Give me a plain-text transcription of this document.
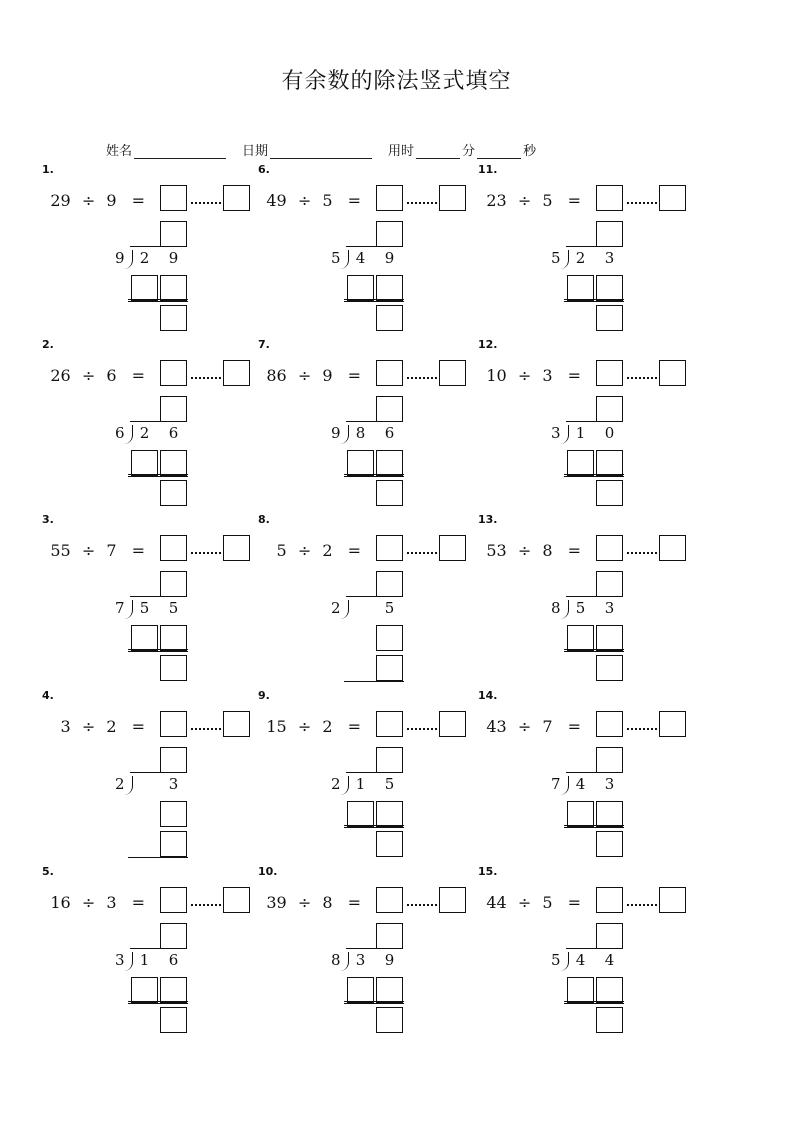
有余数的除法竖式填空
姓名	日期	用时	分	秒
1.
29 ÷ 9 =
9	2	9
2.
26 ÷ 6 =
6	2	6
3.
55 ÷ 7 =
7	5	5
4.
3 ÷ 2 =
2	3
5.
16 ÷ 3 =
3	1	6
6.
49 ÷ 5 =
5	4	9
7.
86 ÷ 9 =
9	8	6
8.
5 ÷ 2 =
2	5
9.
15 ÷ 2 =
2	1	5
10.
39 ÷ 8 =
8	3	9
11.
23 ÷ 5 =
5	2	3
12.
10 ÷ 3 =
3	1	0
13.
53 ÷ 8 =
8	5	3
14.
43 ÷ 7 =
7	4	3
15.
44 ÷ 5 =
5	4	4
